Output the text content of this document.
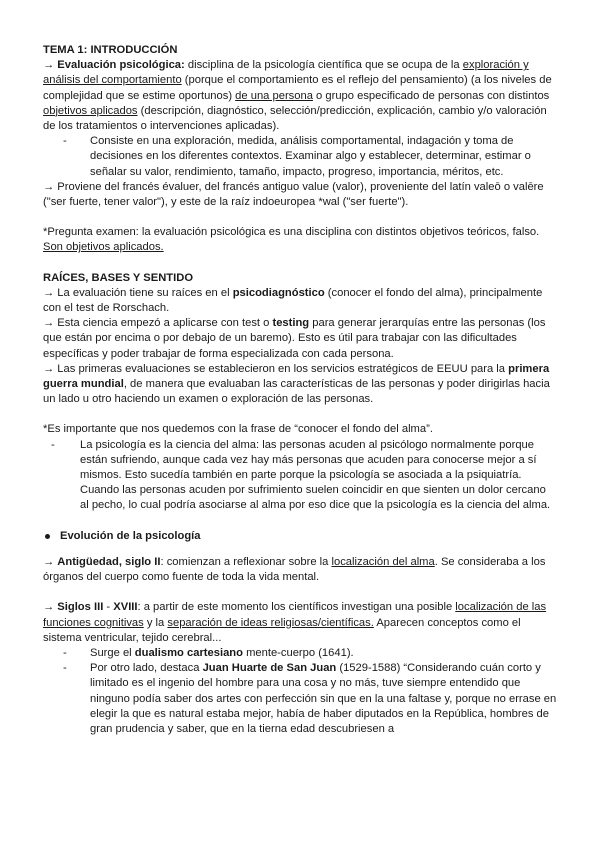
TEMA 1: INTRODUCCIÓN

→ Evaluación psicológica: disciplina de la psicología científica que se ocupa de la exploración y análisis del comportamiento (porque el comportamiento es el reflejo del pensamiento) (a los niveles de complejidad que se estime oportunos) de una persona o grupo especificado de personas con distintos objetivos aplicados (descripción, diagnóstico, selección/predicción, explicación, cambio y/o valoración de los tratamientos o intervenciones aplicadas).

- Consiste en una exploración, medida, análisis comportamental, indagación y toma de decisiones en los diferentes contextos. Examinar algo y establecer, determinar, estimar o señalar su valor, rendimiento, tamaño, impacto, progreso, importancia, méritos, etc.

→ Proviene del francés évaluer, del francés antiguo value (valor), proveniente del latín valeō o valēre ("ser fuerte, tener valor"), y este de la raíz indoeuropea *wal ("ser fuerte").

*Pregunta examen: la evaluación psicológica es una disciplina con distintos objetivos teóricos, falso. Son objetivos aplicados.

RAÍCES, BASES Y SENTIDO

→ La evaluación tiene su raíces en el psicodiagnóstico (conocer el fondo del alma), principalmente con el test de Rorschach.

→ Esta ciencia empezó a aplicarse con test o testing para generar jerarquías entre las personas (los que están por encima o por debajo de un baremo). Esto es útil para trabajar con las dificultades específicas y poder trabajar de forma especializada con cada persona.

→ Las primeras evaluaciones se establecieron en los servicios estratégicos de EEUU para la primera guerra mundial, de manera que evaluaban las características de las personas y poder dirigirlas hacia un lado u otro haciendo un examen o exploración de las personas.

*Es importante que nos quedemos con la frase de “conocer el fondo del alma”.

- La psicología es la ciencia del alma: las personas acuden al psicólogo normalmente porque están sufriendo, aunque cada vez hay más personas que acuden para conocerse mejor a sí mismos. Esto sucedía también en parte porque la psicología se asociada a la psiquiatría. Cuando las personas acuden por sufrimiento suelen coincidir en que sienten un dolor cercano al pecho, lo cual podría asociarse al alma por eso dice que la psicología es la ciencia del alma.

Evolución de la psicología

→ Antigüedad, siglo II: comienzan a reflexionar sobre la localización del alma. Se consideraba a los órganos del cuerpo como fuente de toda la vida mental.

→ Siglos III - XVIII: a partir de este momento los científicos investigan una posible localización de las funciones cognitivas y la separación de ideas religiosas/científicas. Aparecen conceptos como el sistema ventricular, tejido cerebral...

- Surge el dualismo cartesiano mente-cuerpo (1641).
- Por otro lado, destaca Juan Huarte de San Juan (1529-1588) “Considerando cuán corto y limitado es el ingenio del hombre para una cosa y no más, tuve siempre entendido que ninguno podía saber dos artes con perfección sin que en la una faltase y, porque no errase en elegir la que es natural estaba mejor, había de haber diputados en la República, hombres de gran prudencia y saber, que en la tierna edad descubriesen a
